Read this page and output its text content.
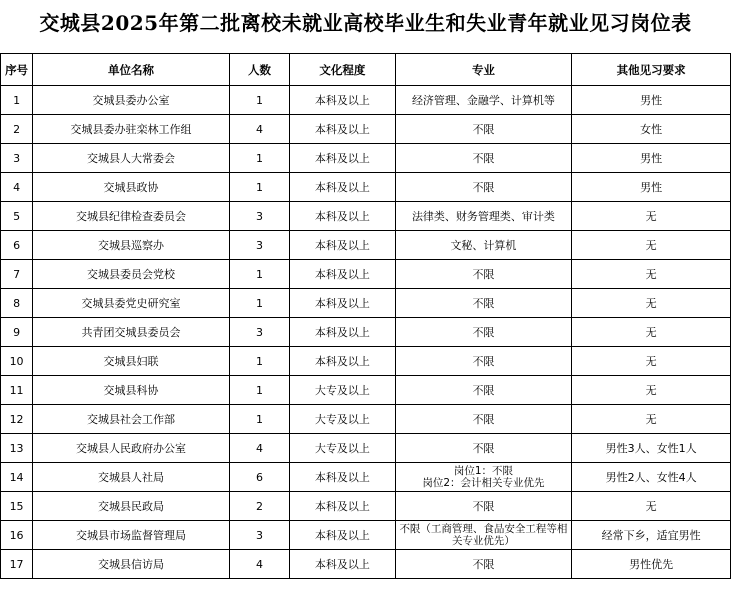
交城县2025年第二批离校未就业高校毕业生和失业青年就业见习岗位表
序号	单位名称	人数	文化程度	专业	其他见习要求
1	交城县委办公室	1	本科及以上	经济管理、金融学、计算机等	男性
2	交城县委办驻栾林工作组	4	本科及以上	不限	女性
3	交城县人大常委会	1	本科及以上	不限	男性
4	交城县政协	1	本科及以上	不限	男性
5	交城县纪律检查委员会	3	本科及以上	法律类、财务管理类、审计类	无
6	交城县巡察办	3	本科及以上	文秘、计算机	无
7	交城县委员会党校	1	本科及以上	不限	无
8	交城县委党史研究室	1	本科及以上	不限	无
9	共青团交城县委员会	3	本科及以上	不限	无
10	交城县妇联	1	本科及以上	不限	无
11	交城县科协	1	大专及以上	不限	无
12	交城县社会工作部	1	大专及以上	不限	无
13	交城县人民政府办公室	4	大专及以上	不限	男性3人、女性1人
14	交城县人社局	6	本科及以上	岗位1：不限
岗位2：会计相关专业优先	男性2人、女性4人
15	交城县民政局	2	本科及以上	不限	无
16	交城县市场监督管理局	3	本科及以上	不限（工商管理、食品安全工程等相关专业优先）	经常下乡，适宜男性
17	交城县信访局	4	本科及以上	不限	男性优先
